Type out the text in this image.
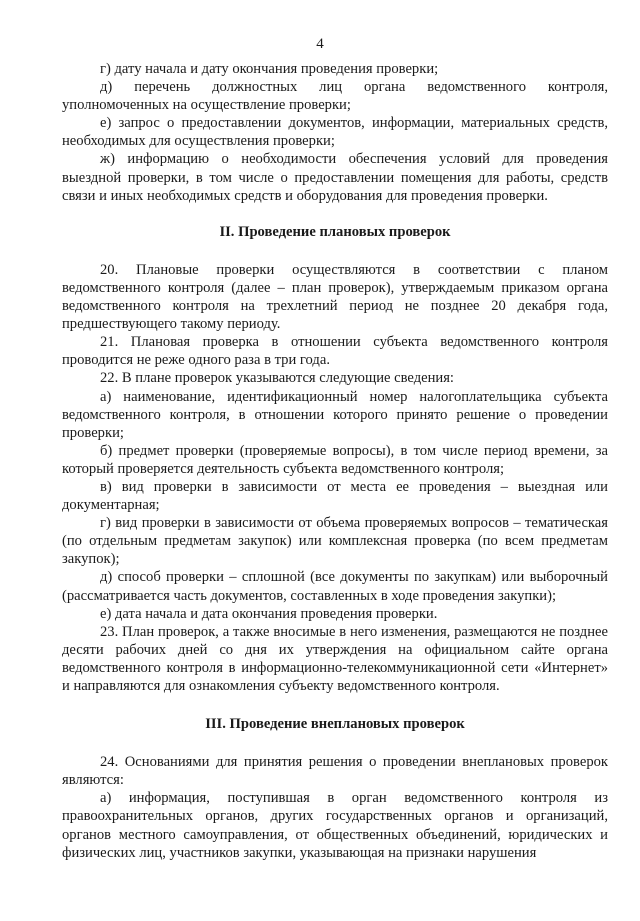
4

г) дату начала и дату окончания проведения проверки;

д) перечень должностных лиц органа ведомственного контроля, уполномоченных на осуществление проверки;

е) запрос о предоставлении документов, информации, материальных средств, необходимых для осуществления проверки;

ж) информацию о необходимости обеспечения условий для проведения выездной проверки, в том числе о предоставлении помещения для работы, средств связи и иных необходимых средств и оборудования для проведения проверки.

II. Проведение плановых проверок

20. Плановые проверки осуществляются в соответствии с планом ведомственного контроля (далее – план проверок), утверждаемым приказом органа ведомственного контроля на трехлетний период не позднее 20 декабря года, предшествующего такому периоду.

21. Плановая проверка в отношении субъекта ведомственного контроля проводится не реже одного раза в три года.

22. В плане проверок указываются следующие сведения:

а) наименование, идентификационный номер налогоплательщика субъекта ведомственного контроля, в отношении которого принято решение о проведении проверки;

б) предмет проверки (проверяемые вопросы), в том числе период времени, за который проверяется деятельность субъекта ведомственного контроля;

в) вид проверки в зависимости от места ее проведения – выездная или документарная;

г) вид проверки в зависимости от объема проверяемых вопросов – тематическая (по отдельным предметам закупок) или комплексная проверка (по всем предметам закупок);

д) способ проверки – сплошной (все документы по закупкам) или выборочный (рассматривается часть документов, составленных в ходе проведения закупки);

е) дата начала и дата окончания проведения проверки.

23. План проверок, а также вносимые в него изменения, размещаются не позднее десяти рабочих дней со дня их утверждения на официальном сайте органа ведомственного контроля в информационно-телекоммуникационной сети «Интернет» и направляются для ознакомления субъекту ведомственного контроля.

III. Проведение внеплановых проверок

24. Основаниями для принятия решения о проведении внеплановых проверок являются:

а) информация, поступившая в орган ведомственного контроля из правоохранительных органов, других государственных органов и организаций, органов местного самоуправления, от общественных объединений, юридических и физических лиц, участников закупки, указывающая на признаки нарушения
